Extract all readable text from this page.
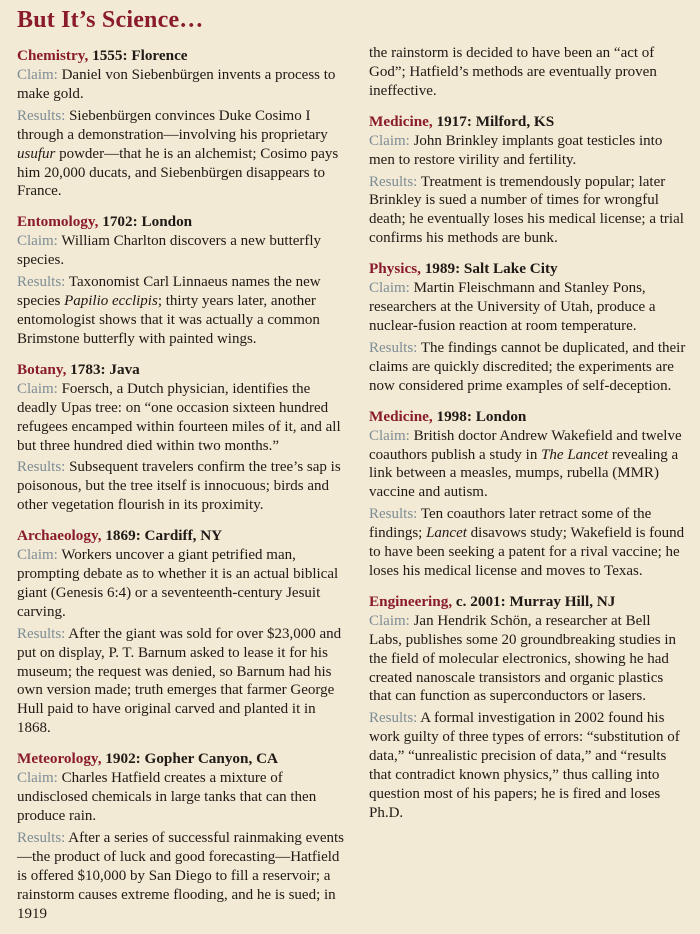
But It’s Science…
Chemistry, 1555: Florence
Claim: Daniel von Siebenbürgen invents a process to make gold.
Results: Siebenbürgen convinces Duke Cosimo I through a demonstration—involving his proprietary usufur powder—that he is an alchemist; Cosimo pays him 20,000 ducats, and Siebenbürgen disappears to France.
Entomology, 1702: London
Claim: William Charlton discovers a new butterfly species.
Results: Taxonomist Carl Linnaeus names the new species Papilio ecclipis; thirty years later, another entomologist shows that it was actually a common Brimstone butterfly with painted wings.
Botany, 1783: Java
Claim: Foersch, a Dutch physician, identifies the deadly Upas tree: on “one occasion sixteen hundred refugees encamped within fourteen miles of it, and all but three hundred died within two months.”
Results: Subsequent travelers confirm the tree’s sap is poisonous, but the tree itself is innocuous; birds and other vegetation flourish in its proximity.
Archaeology, 1869: Cardiff, NY
Claim: Workers uncover a giant petrified man, prompting debate as to whether it is an actual biblical giant (Genesis 6:4) or a seventeenth-century Jesuit carving.
Results: After the giant was sold for over $23,000 and put on display, P. T. Barnum asked to lease it for his museum; the request was denied, so Barnum had his own version made; truth emerges that farmer George Hull paid to have original carved and planted it in 1868.
Meteorology, 1902: Gopher Canyon, CA
Claim: Charles Hatfield creates a mixture of undisclosed chemicals in large tanks that can then produce rain.
Results: After a series of successful rainmaking events—the product of luck and good forecasting—Hatfield is offered $10,000 by San Diego to fill a reservoir; a rainstorm causes extreme flooding, and he is sued; in 1919
the rainstorm is decided to have been an “act of God”; Hatfield’s methods are eventually proven ineffective.
Medicine, 1917: Milford, KS
Claim: John Brinkley implants goat testicles into men to restore virility and fertility.
Results: Treatment is tremendously popular; later Brinkley is sued a number of times for wrongful death; he eventually loses his medical license; a trial confirms his methods are bunk.
Physics, 1989: Salt Lake City
Claim: Martin Fleischmann and Stanley Pons, researchers at the University of Utah, produce a nuclear-fusion reaction at room temperature.
Results: The findings cannot be duplicated, and their claims are quickly discredited; the experiments are now considered prime examples of self-deception.
Medicine, 1998: London
Claim: British doctor Andrew Wakefield and twelve coauthors publish a study in The Lancet revealing a link between a measles, mumps, rubella (MMR) vaccine and autism.
Results: Ten coauthors later retract some of the findings; Lancet disavows study; Wakefield is found to have been seeking a patent for a rival vaccine; he loses his medical license and moves to Texas.
Engineering, c. 2001: Murray Hill, NJ
Claim: Jan Hendrik Schön, a researcher at Bell Labs, publishes some 20 groundbreaking studies in the field of molecular electronics, showing he had created nanoscale transistors and organic plastics that can function as superconductors or lasers.
Results: A formal investigation in 2002 found his work guilty of three types of errors: “substitution of data,” “unrealistic precision of data,” and “results that contradict known physics,” thus calling into question most of his papers; he is fired and loses Ph.D.
